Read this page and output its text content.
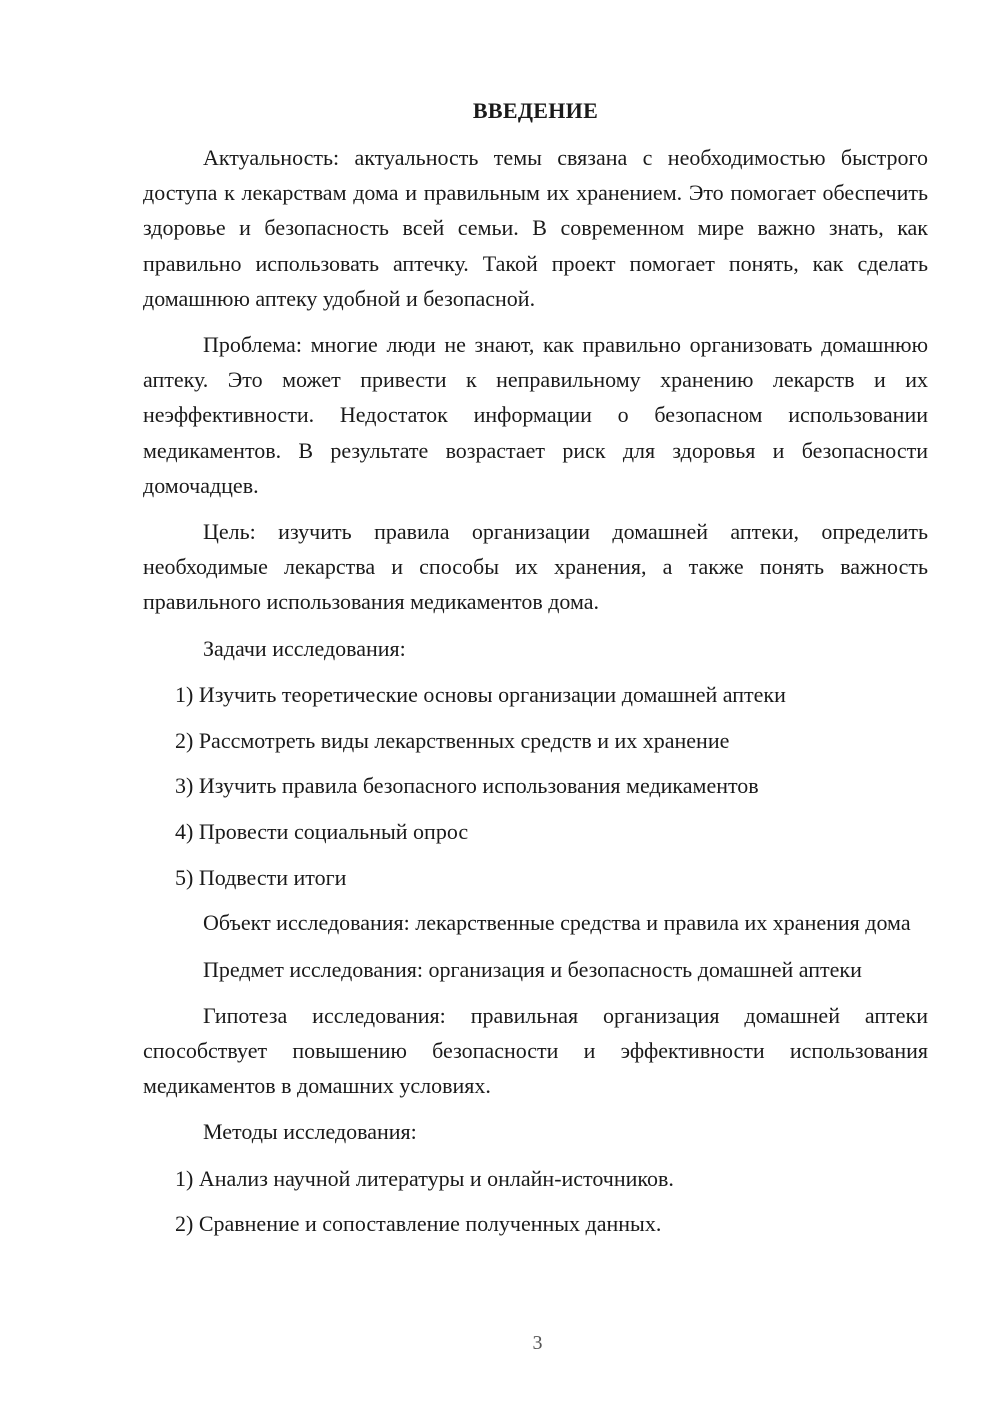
ВВЕДЕНИЕ

Актуальность: актуальность темы связана с необходимостью быстрого доступа к лекарствам дома и правильным их хранением. Это помогает обеспечить здоровье и безопасность всей семьи. В современном мире важно знать, как правильно использовать аптечку. Такой проект помогает понять, как сделать домашнюю аптеку удобной и безопасной.

Проблема: многие люди не знают, как правильно организовать домашнюю аптеку. Это может привести к неправильному хранению лекарств и их неэффективности. Недостаток информации о безопасном использовании медикаментов. В результате возрастает риск для здоровья и безопасности домочадцев.

Цель: изучить правила организации домашней аптеки, определить необходимые лекарства и способы их хранения, а также понять важность правильного использования медикаментов дома.

Задачи исследования:

1) Изучить теоретические основы организации домашней аптеки

2) Рассмотреть виды лекарственных средств и их хранение

3) Изучить правила безопасного использования медикаментов

4) Провести социальный опрос

5) Подвести итоги

Объект исследования: лекарственные средства и правила их хранения дома

Предмет исследования: организация и безопасность домашней аптеки

Гипотеза исследования: правильная организация домашней аптеки способствует повышению безопасности и эффективности использования медикаментов в домашних условиях.

Методы исследования:

1) Анализ научной литературы и онлайн-источников.

2) Сравнение и сопоставление полученных данных.

3
